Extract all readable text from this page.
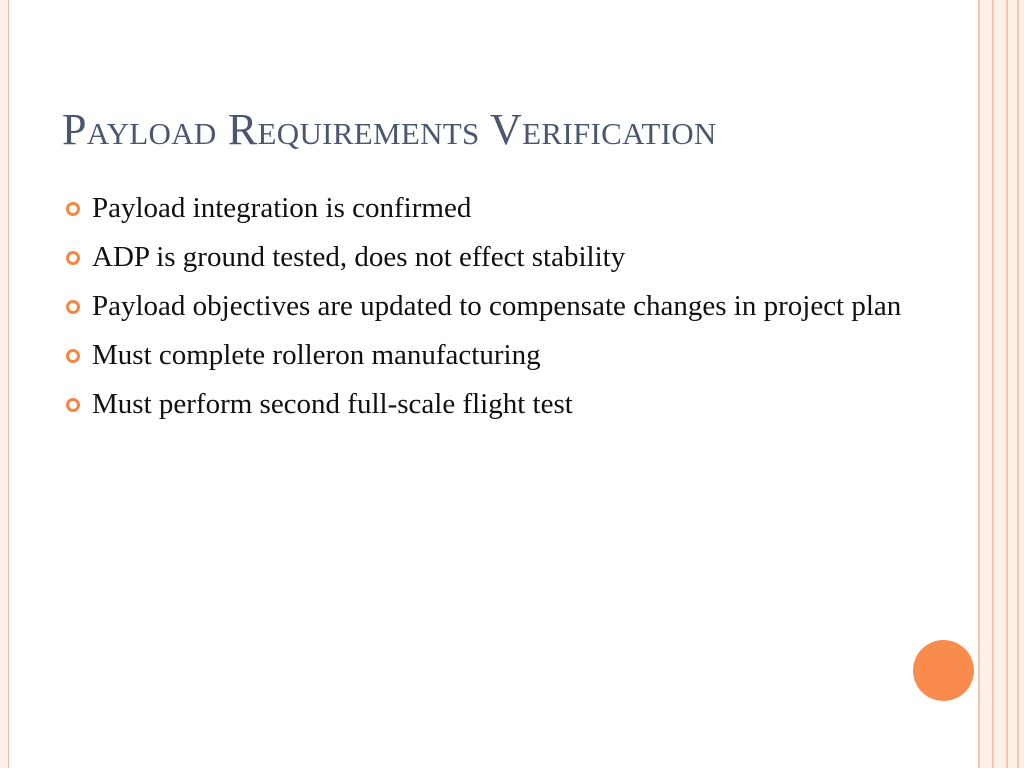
Payload Requirements Verification
Payload integration is confirmed
ADP is ground tested, does not effect stability
Payload objectives are updated to compensate changes in project plan
Must complete rolleron manufacturing
Must perform second full-scale flight test
